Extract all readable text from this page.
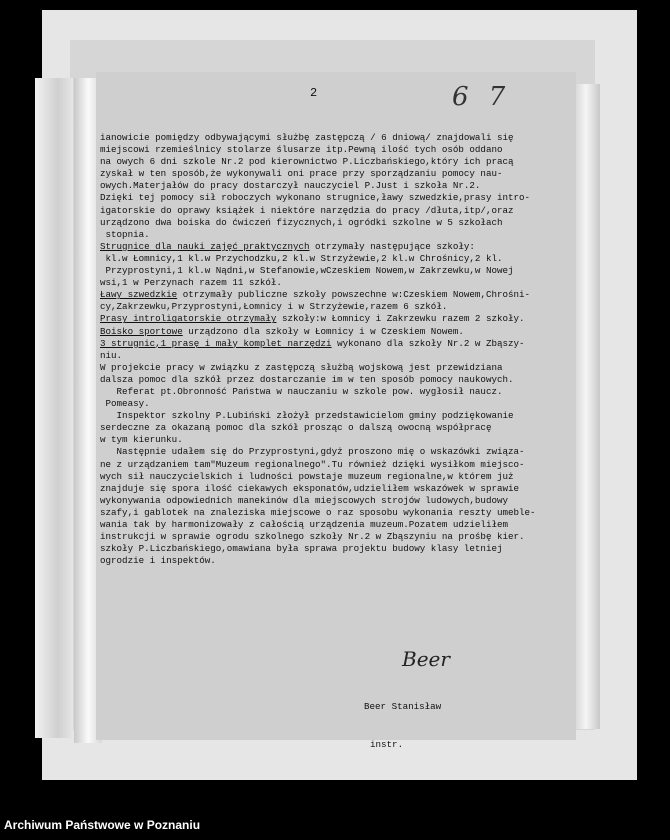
2	6 7
ianowicie pomiędzy odbywającymi służbę zastępczą / 6 dniową/ znajdowali się
miejscowi rzemieślnicy stolarze ślusarze itp.Pewną ilość tych osób oddano
na owych 6 dni szkole Nr.2 pod kierownictwo P.Liczbańskiego,który ich pracą
zyskał w ten sposób,że wykonywali oni prace przy sporządzaniu pomocy nau-
owych.Materjałów do pracy dostarczył nauczyciel P.Just i szkoła Nr.2.
Dzięki tej pomocy sił roboczych wykonano strugnice,ławy szwedzkie,prasy intro-
igatorskie do oprawy książek i niektóre narzędzia do pracy /dłuta,itp/,oraz
urządzono dwa boiska do ćwiczeń fizycznych,i ogródki szkolne w 5 szkołach
stopnia.
Strugnice dla nauki zajęć praktycznych otrzymały następujące szkoły:
kl.w Łomnicy,1 kl.w Przychodzku,2 kl.w Strzyżewie,2 kl.w Chrośnicy,2 kl.
Przyprostyni,1 kl.w Nądni,w Stefanowie,wCzeskiem Nowem,w Zakrzewku,w Nowej
wsi,1 w Perzynach razem 11 szkół.
Ławy szwedzkie otrzymały publiczne szkoły powszechne w:Czeskiem Nowem,Chrośni-
cy,Zakrzewku,Przyprostyni,Łomnicy i w Strzyżewie,razem 6 szkół.
Prasy introligatorskie otrzymały szkoły:w Łomnicy i Zakrzewku razem 2 szkoły.
Boisko sportowe urządzono dla szkoły w Łomnicy i w Czeskiem Nowem.
3 strugnic,1 prasę i mały komplet narzędzi wykonano dla szkoły Nr.2 w Zbąszy-
niu.
W projekcie pracy w związku z zastępczą służbą wojskową jest przewidziana
dalsza pomoc dla szkół przez dostarczanie im w ten sposób pomocy naukowych.
Referat pt.Obronność Państwa w nauczaniu w szkole pow. wygłosił naucz.
Pomeasy.
Inspektor szkolny P.Lubiński złożył przedstawicielom gminy podziękowanie
serdeczne za okazaną pomoc dla szkół prosząc o dalszą owocną współpracę
w tym kierunku.
Następnie udałem się do Przyprostyni,gdyż proszono mię o wskazówki związa-
ne z urządzaniem tam"Muzeum regionalnego".Tu również dzięki wysiłkom miejsco-
wych sił nauczycielskich i ludności powstaje muzeum regionalne,w którem już
znajduje się spora ilość ciekawych eksponatów,udzieliłem wskazówek w sprawie
wykonywania odpowiednich manekinów dla miejscowych strojów ludowych,budowy
szafy,i gablotek na znaleziska miejscowe o raz sposobu wykonania reszty umeble-
wania tak by harmonizowały z całością urządzenia muzeum.Pozatem udzieliłem
instrukcji w sprawie ogrodu szkolnego szkoły Nr.2 w Zbąszyniu na prośbę kier.
szkoły P.Liczbańskiego,omawiana była sprawa projektu budowy klasy letniej
ogrodzie i inspektów.
Beer

Beer Stanisław

instr.

Archiwum Państwowe w Poznaniu
